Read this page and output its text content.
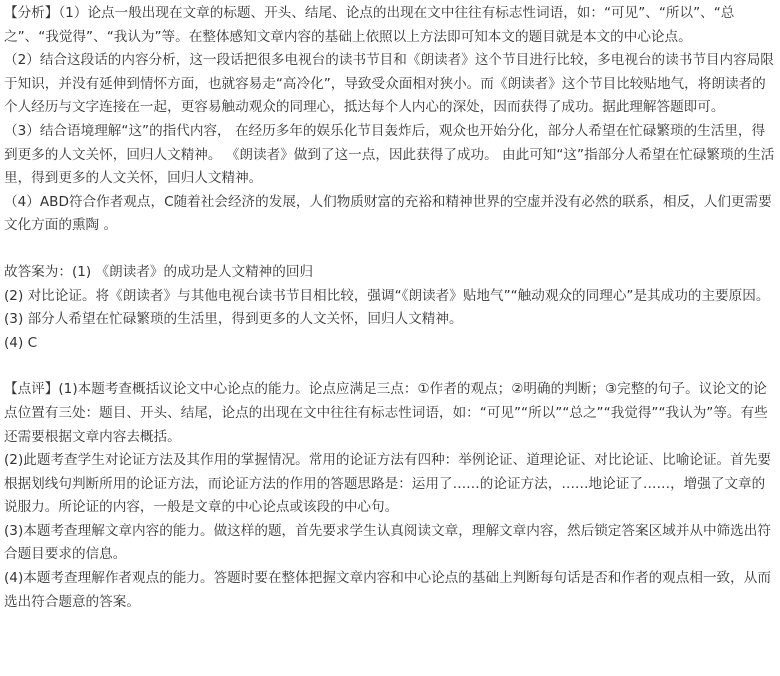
【分析】（1）论点一般出现在文章的标题、开头、结尾、论点的出现在文中往往有标志性词语，如：“可见”、“所以”、“总之”、“我觉得”、“我认为”等。在整体感知文章内容的基础上依照以上方法即可知本文的题目就是本文的中心论点。

（2）结合这段话的内容分析，这一段话把很多电视台的读书节目和《朗读者》这个节目进行比较，多电视台的读书节目内容局限于知识，并没有延伸到情怀方面，也就容易走“高冷化”，导致受众面相对狭小。而《朗读者》这个节目比较贴地气，将朗读者的个人经历与文字连接在一起，更容易触动观众的同理心，抵达每个人内心的深处，因而获得了成功。据此理解答题即可。

（3）结合语境理解“这”的指代内容， 在经历多年的娱乐化节目轰炸后，观众也开始分化，部分人希望在忙碌繁琐的生活里，得到更多的人文关怀，回归人文精神。 《朗读者》做到了这一点，因此获得了成功。 由此可知“这”指部分人希望在忙碌繁琐的生活里，得到更多的人文关怀，回归人文精神。

（4）ABD符合作者观点，C随着社会经济的发展，人们物质财富的充裕和精神世界的空虚并没有必然的联系，相反，人们更需要文化方面的熏陶 。

故答案为：(1) 《朗读者》的成功是人文精神的回归

(2) 对比论证。将《朗读者》与其他电视台读书节目相比较，强调“《朗读者》贴地气”“触动观众的同理心”是其成功的主要原因。

(3) 部分人希望在忙碌繁琐的生活里，得到更多的人文关怀，回归人文精神。

(4) C

【点评】(1)本题考查概括议论文中心论点的能力。论点应满足三点：①作者的观点；②明确的判断；③完整的句子。议论文的论点位置有三处：题目、开头、结尾，论点的出现在文中往往有标志性词语，如：“可见”“所以”“总之”“我觉得”“我认为”等。有些还需要根据文章内容去概括。

(2)此题考查学生对论证方法及其作用的掌握情况。常用的论证方法有四种：举例论证、道理论证、对比论证、比喻论证。首先要根据划线句判断所用的论证方法，而论证方法的作用的答题思路是：运用了……的论证方法，……地论证了……，增强了文章的说服力。所论证的内容，一般是文章的中心论点或该段的中心句。

(3)本题考查理解文章内容的能力。做这样的题，首先要求学生认真阅读文章，理解文章内容，然后锁定答案区域并从中筛选出符合题目要求的信息。

(4)本题考查理解作者观点的能力。答题时要在整体把握文章内容和中心论点的基础上判断每句话是否和作者的观点相一致，从而选出符合题意的答案。
